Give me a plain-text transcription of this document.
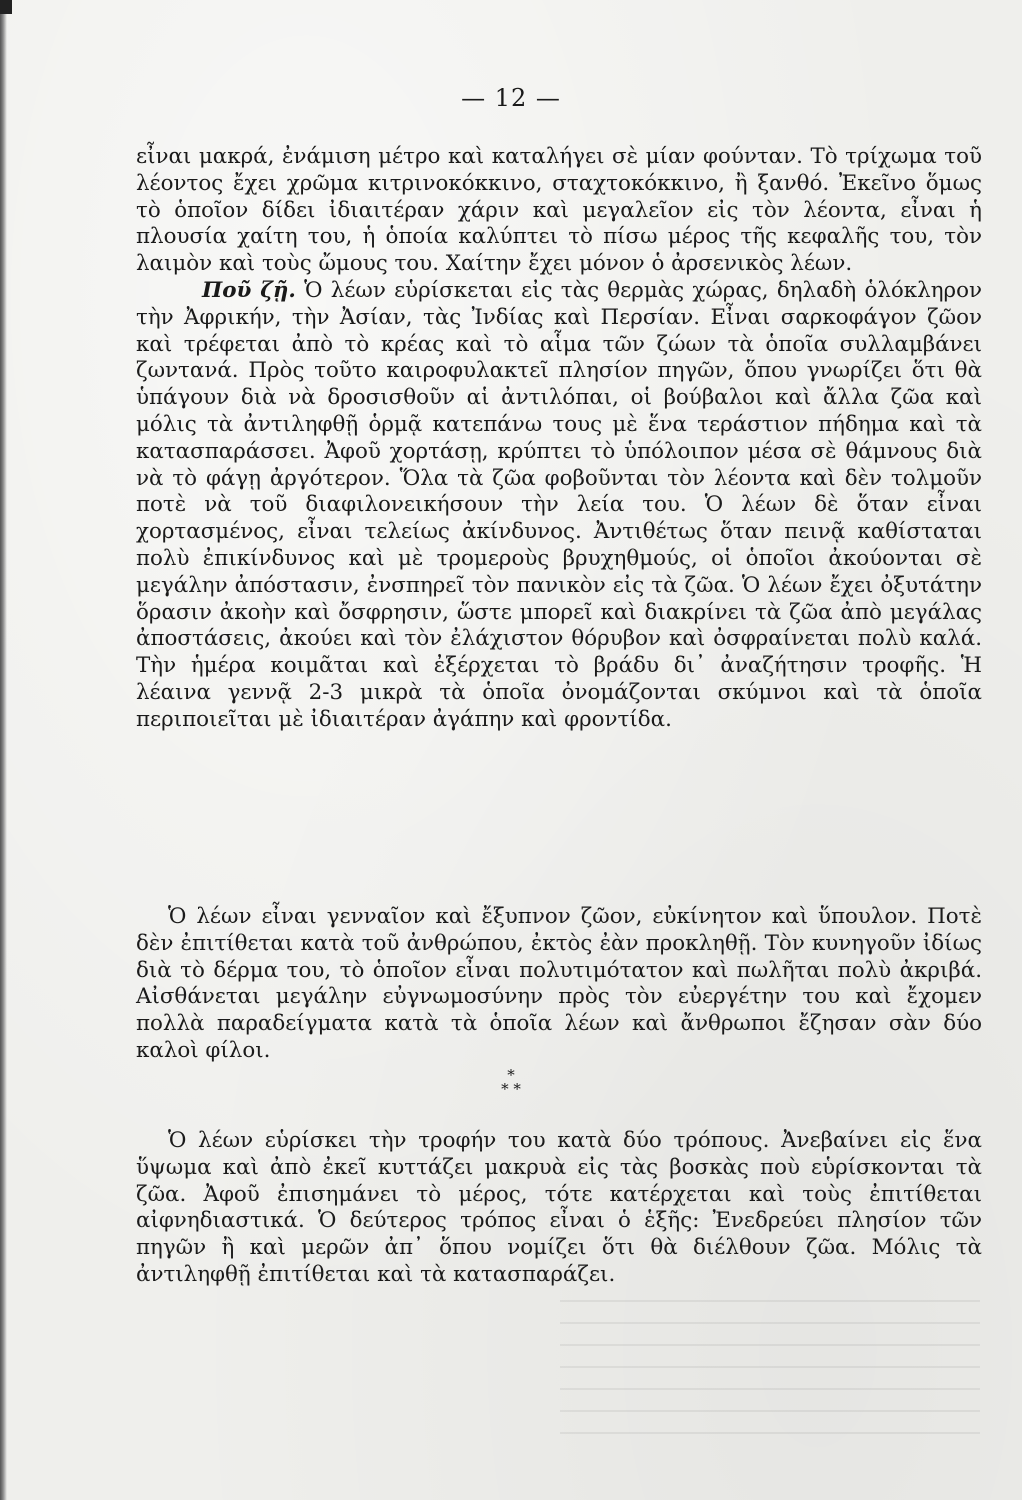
— 12 —

εἶναι μακρά, ἐνάμιση μέτρο καὶ καταλήγει σὲ μίαν φούνταν. Τὸ τρίχωμα τοῦ λέοντος ἔχει χρῶμα κιτρινοκόκκινο, σταχτοκόκκινο, ἢ ξανθό. Ἐκεῖνο ὅμως τὸ ὁποῖον δίδει ἰδιαιτέραν χάριν καὶ μεγαλεῖον εἰς τὸν λέοντα, εἶναι ἡ πλουσία χαίτη του, ἡ ὁποία καλύπτει τὸ πίσω μέρος τῆς κεφαλῆς του, τὸν λαιμὸν καὶ τοὺς ὤμους του. Χαίτην ἔχει μόνον ὁ ἀρσενικὸς λέων.

Ποῦ ζῇ. Ὁ λέων εὑρίσκεται εἰς τὰς θερμὰς χώρας, δηλαδὴ ὁλόκληρον τὴν Ἀφρικήν, τὴν Ἀσίαν, τὰς Ἰνδίας καὶ Περσίαν. Εἶναι σαρκοφάγον ζῶον καὶ τρέφεται ἀπὸ τὸ κρέας καὶ τὸ αἷμα τῶν ζώων τὰ ὁποῖα συλλαμβάνει ζωντανά. Πρὸς τοῦτο καιροφυλακτεῖ πλησίον πηγῶν, ὅπου γνωρίζει ὅτι θὰ ὑπάγουν διὰ νὰ δροσισθοῦν αἱ ἀντιλόπαι, οἱ βούβαλοι καὶ ἄλλα ζῶα καὶ μόλις τὰ ἀντιληφθῇ ὁρμᾷ κατεπάνω τους μὲ ἕνα τεράστιον πήδημα καὶ τὰ κατασπαράσσει. Ἀφοῦ χορτάσῃ, κρύπτει τὸ ὑπόλοιπον μέσα σὲ θάμνους διὰ νὰ τὸ φάγῃ ἀργότερον. Ὅλα τὰ ζῶα φοβοῦνται τὸν λέοντα καὶ δὲν τολμοῦν ποτὲ νὰ τοῦ διαφιλονεικήσουν τὴν λεία του. Ὁ λέων δὲ ὅταν εἶναι χορτασμένος, εἶναι τελείως ἀκίνδυνος. Ἀντιθέτως ὅταν πεινᾷ καθίσταται πολὺ ἐπικίνδυνος καὶ μὲ τρομεροὺς βρυχηθμούς, οἱ ὁποῖοι ἀκούονται σὲ μεγάλην ἀπόστασιν, ἐνσπηρεῖ τὸν πανικὸν εἰς τὰ ζῶα. Ὁ λέων ἔχει ὀξυτάτην ὅρασιν ἀκοὴν καὶ ὄσφρησιν, ὥστε μπορεῖ καὶ διακρίνει τὰ ζῶα ἀπὸ μεγάλας ἀποστάσεις, ἀκούει καὶ τὸν ἐλάχιστον θόρυβον καὶ ὀσφραίνεται πολὺ καλά. Τὴν ἡμέρα κοιμᾶται καὶ ἐξέρχεται τὸ βράδυ δι᾽ ἀναζήτησιν τροφῆς. Ἡ λέαινα γεννᾷ 2-3 μικρὰ τὰ ὁποῖα ὀνομάζονται σκύμνοι καὶ τὰ ὁποῖα περιποιεῖται μὲ ἰδιαιτέραν ἀγάπην καὶ φροντίδα.

Ὁ λέων εἶναι γενναῖον καὶ ἔξυπνον ζῶον, εὐκίνητον καὶ ὕπουλον. Ποτὲ δὲν ἐπιτίθεται κατὰ τοῦ ἀνθρώπου, ἐκτὸς ἐὰν προκληθῇ. Τὸν κυνηγοῦν ἰδίως διὰ τὸ δέρμα του, τὸ ὁποῖον εἶναι πολυτιμότατον καὶ πωλῆται πολὺ ἀκριβά. Αἰσθάνεται μεγάλην εὐγνωμοσύνην πρὸς τὸν εὐεργέτην του καὶ ἔχομεν πολλὰ παραδείγματα κατὰ τὰ ὁποῖα λέων καὶ ἄνθρωποι ἔζησαν σὰν δύο καλοὶ φίλοι.

*
* *

Ὁ λέων εὑρίσκει τὴν τροφήν του κατὰ δύο τρόπους. Ἀνεβαίνει εἰς ἕνα ὕψωμα καὶ ἀπὸ ἐκεῖ κυττάζει μακρυὰ εἰς τὰς βοσκὰς ποὺ εὑρίσκονται τὰ ζῶα. Ἀφοῦ ἐπισημάνει τὸ μέρος, τότε κατέρχεται καὶ τοὺς ἐπιτίθεται αἰφνηδιαστικά. Ὁ δεύτερος τρόπος εἶναι ὁ ἑξῆς: Ἐνεδρεύει πλησίον τῶν πηγῶν ἢ καὶ μερῶν ἀπ᾽ ὅπου νομίζει ὅτι θὰ διέλθουν ζῶα. Μόλις τὰ ἀντιληφθῇ ἐπιτίθεται καὶ τὰ κατασπαράζει.
